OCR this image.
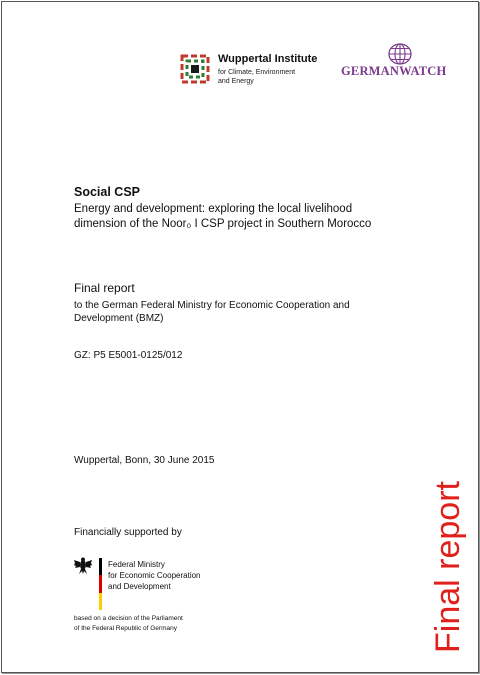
Wuppertal Institute
for Climate, Environment
and Energy
GERMANWATCH
Social CSP
Energy and development: exploring the local livelihood dimension of the Noor₀ I CSP project in Southern Morocco
Final report
to the German Federal Ministry for Economic Cooperation and Development (BMZ)
GZ: P5 E5001-0125/012
Wuppertal, Bonn, 30 June 2015
Financially supported by
Federal Ministry
for Economic Cooperation
and Development
based on a decision of the Parliament
of the Federal Republic of Germany	Final report
